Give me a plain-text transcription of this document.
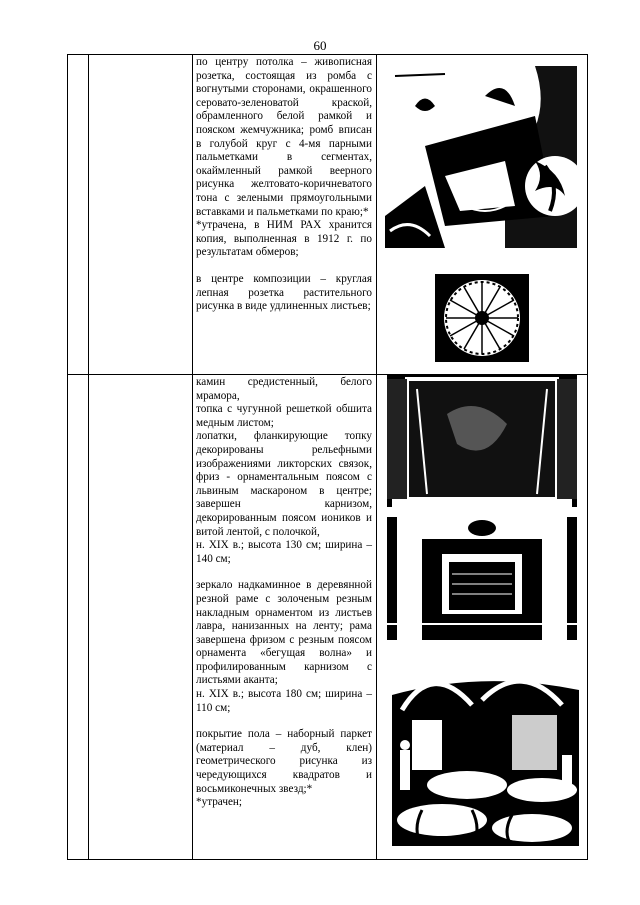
60

по центру потолка – живописная розетка, состоящая из ромба с вогнутыми сторонами, окрашенного серовато-зеленоватой краской, обрамленного белой рамкой и пояском жемчужника; ромб вписан в голубой круг с 4-мя парными пальметками в сегментах, окаймленный рамкой веерного рисунка желтовато-коричневатого тона с зелеными прямоугольными вставками и пальметками по краю;*

*утрачена, в НИМ РАХ хранится копия, выполненная в 1912 г. по результатам обмеров;

в центре композиции – круглая лепная розетка растительного рисунка в виде удлиненных листьев;

камин средистенный, белого мрамора,

топка с чугунной решеткой обшита медным листом;

лопатки, фланкирующие топку декорированы рельефными изображениями ликторских связок, фриз - орнаментальным поясом с львиным маскароном в центре; завершен карнизом, декорированным поясом иоников и витой лентой, с полочкой,

н. XIX в.; высота 130 см; ширина – 140 см;

зеркало надкаминное в деревянной резной раме с золоченым резным накладным орнаментом из листьев лавра, нанизанных на ленту; рама завершена фризом с резным поясом орнамента «бегущая волна» и профилированным карнизом с листьями аканта;

н. XIX в.; высота 180 см; ширина – 110 см;

покрытие пола – наборный паркет (материал – дуб, клен) геометрического рисунка из чередующихся квадратов и восьмиконечных звезд;*

*утрачен;
